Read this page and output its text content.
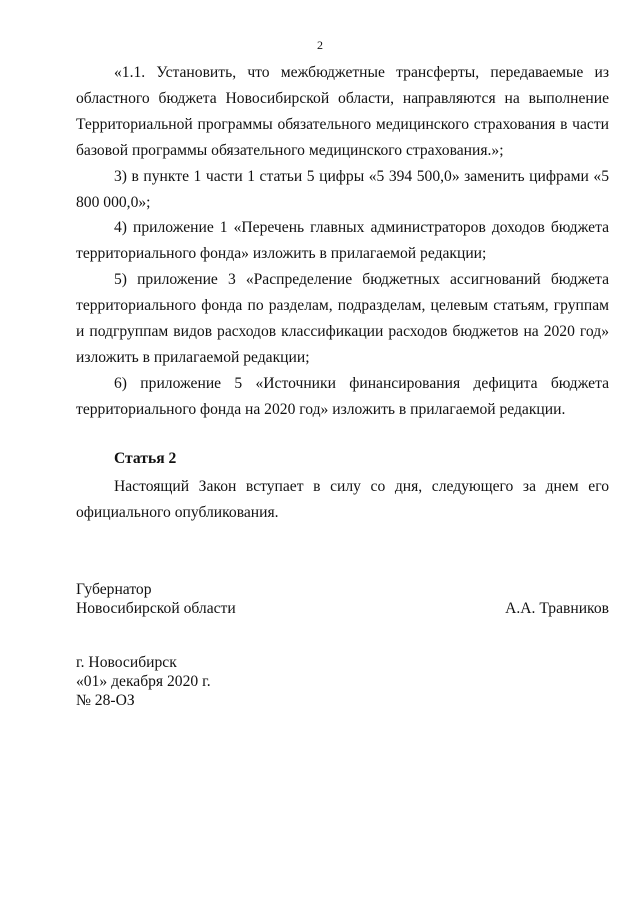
2

«1.1. Установить, что межбюджетные трансферты, передаваемые из областного бюджета Новосибирской области, направляются на выполнение Территориальной программы обязательного медицинского страхования в части базовой программы обязательного медицинского страхования.»;

3) в пункте 1 части 1 статьи 5 цифры «5 394 500,0» заменить цифрами «5 800 000,0»;

4) приложение 1 «Перечень главных администраторов доходов бюджета территориального фонда» изложить в прилагаемой редакции;

5) приложение 3 «Распределение бюджетных ассигнований бюджета территориального фонда по разделам, подразделам, целевым статьям, группам и подгруппам видов расходов классификации расходов бюджетов на 2020 год» изложить в прилагаемой редакции;

6) приложение 5 «Источники финансирования дефицита бюджета территориального фонда на 2020 год» изложить в прилагаемой редакции.

Статья 2

Настоящий Закон вступает в силу со дня, следующего за днем его официального опубликования.

Губернатор
Новосибирской области	А.А. Травников
г. Новосибирск
«01» декабря 2020 г.
№ 28-ОЗ
